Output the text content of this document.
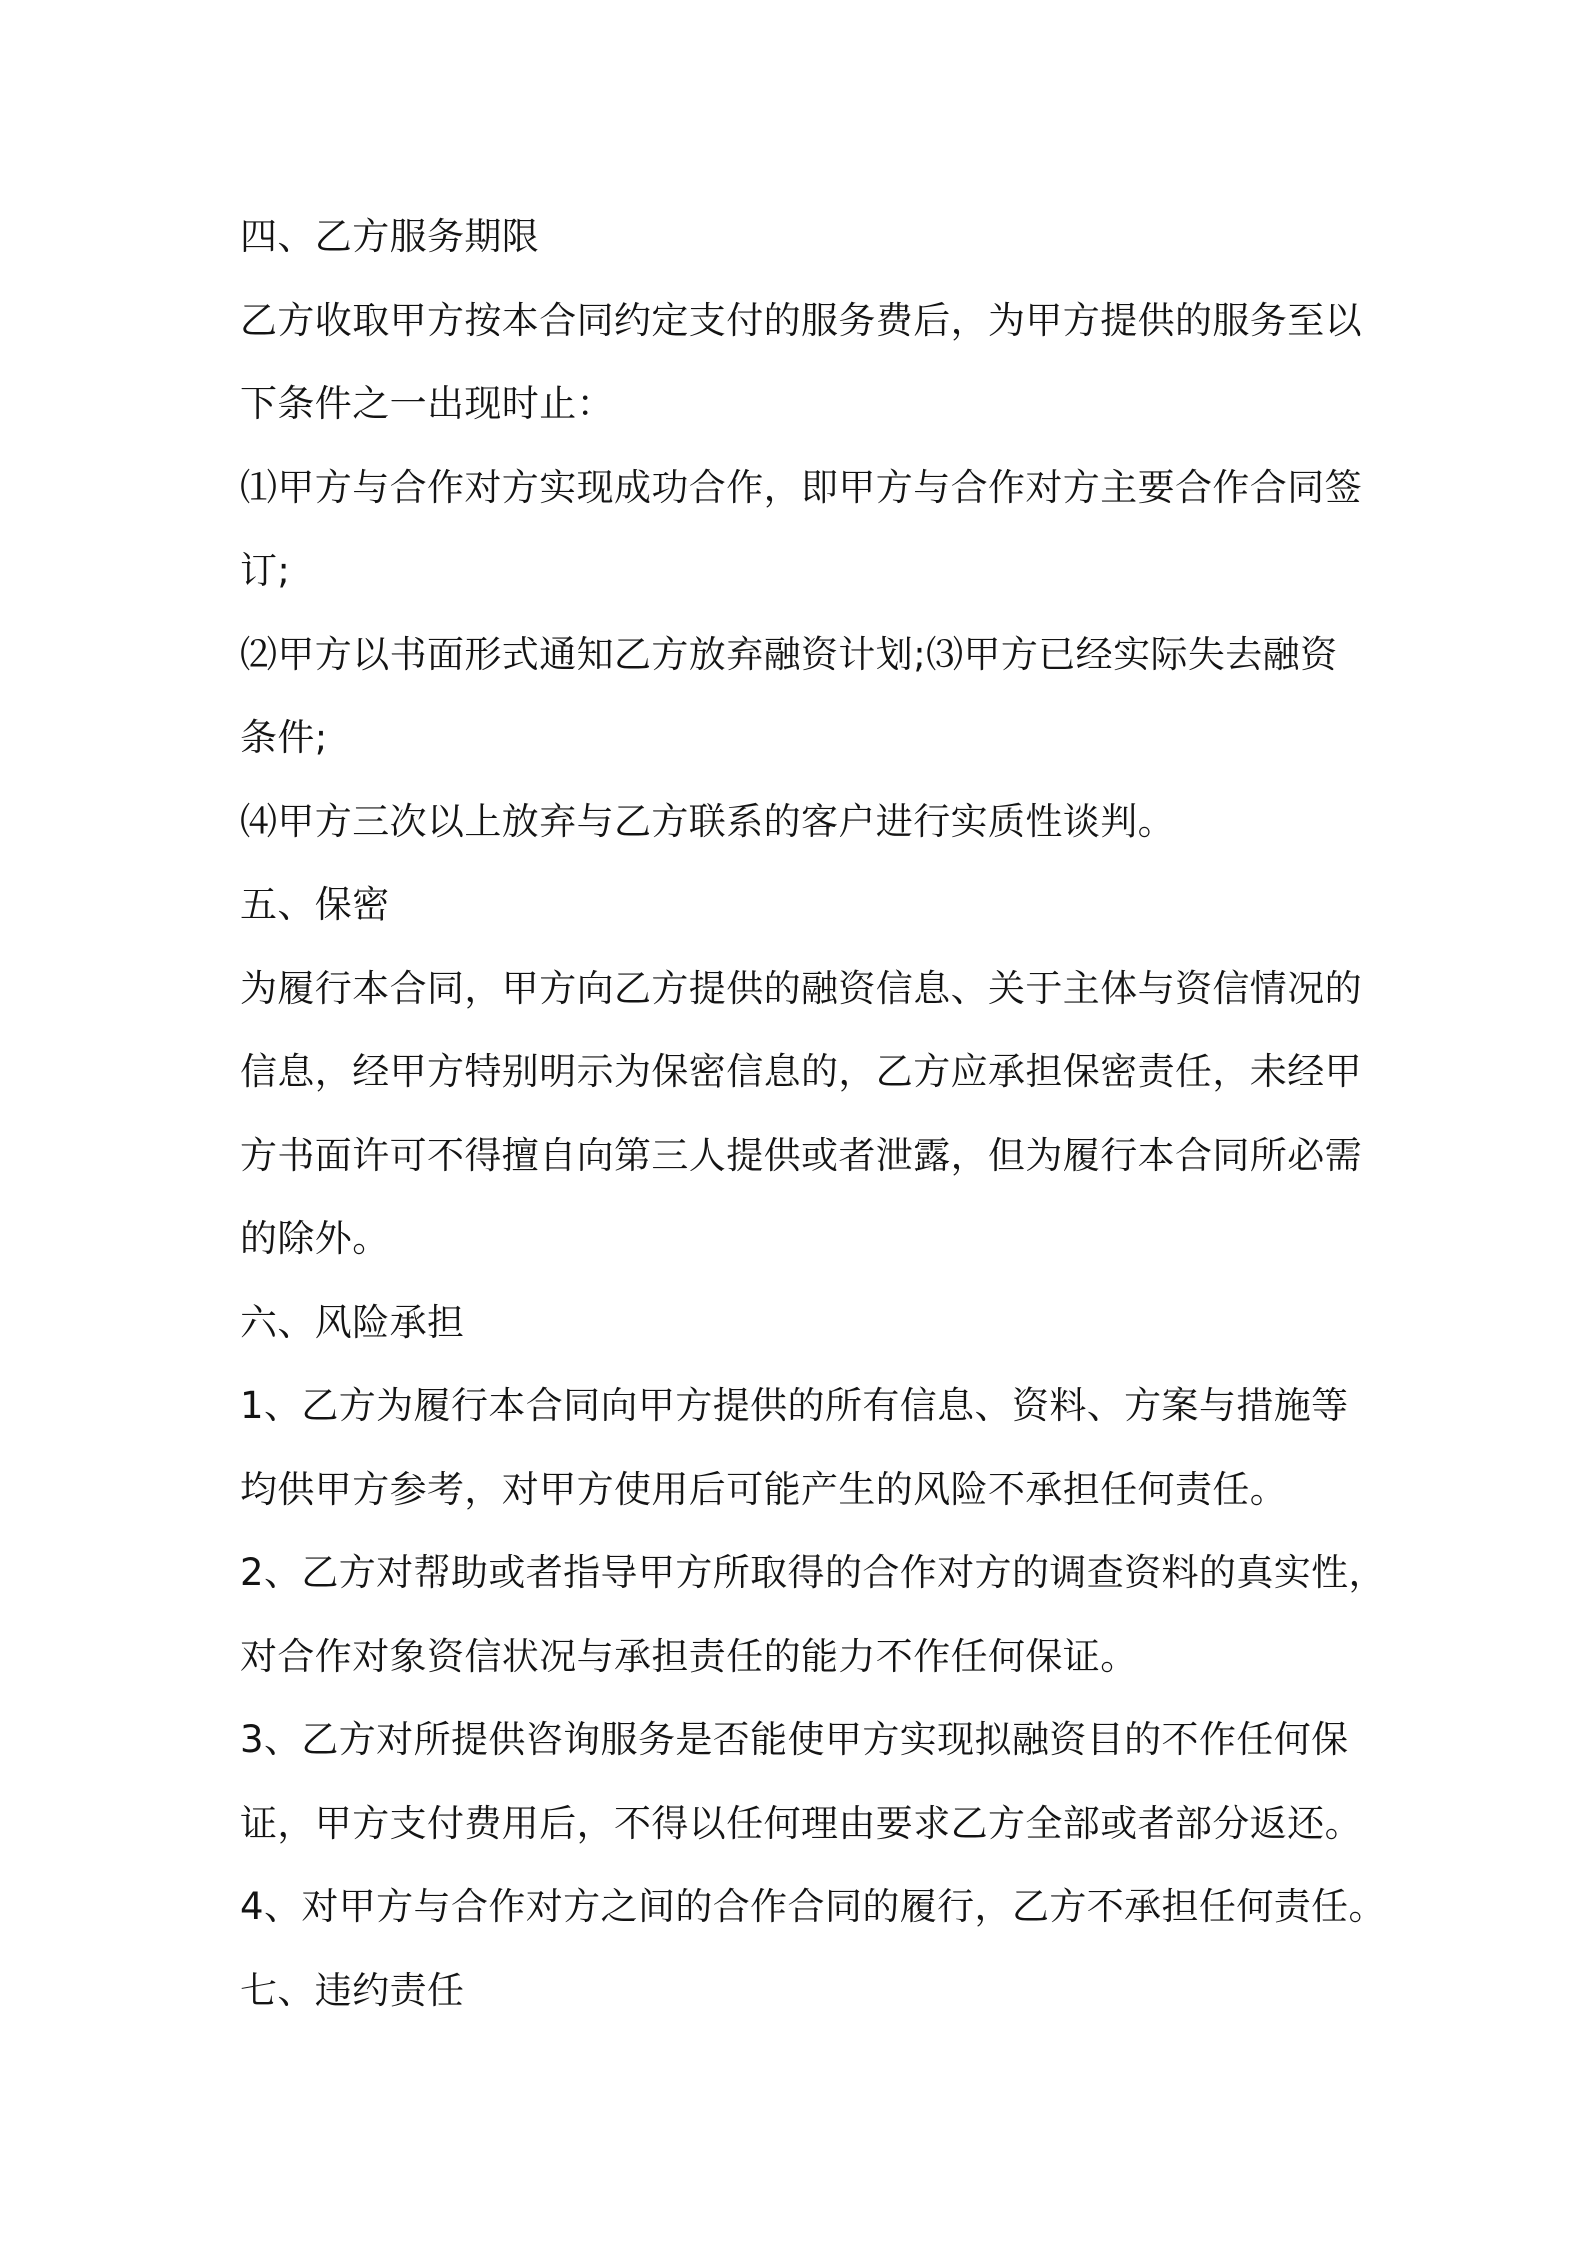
四、乙方服务期限
乙方收取甲方按本合同约定支付的服务费后，为甲方提供的服务至以
下条件之一出现时止：
⑴甲方与合作对方实现成功合作，即甲方与合作对方主要合作合同签
订;
⑵甲方以书面形式通知乙方放弃融资计划;⑶甲方已经实际失去融资
条件;
⑷甲方三次以上放弃与乙方联系的客户进行实质性谈判。
五、保密
为履行本合同，甲方向乙方提供的融资信息、关于主体与资信情况的
信息，经甲方特别明示为保密信息的，乙方应承担保密责任，未经甲
方书面许可不得擅自向第三人提供或者泄露，但为履行本合同所必需
的除外。
六、风险承担
1、乙方为履行本合同向甲方提供的所有信息、资料、方案与措施等
均供甲方参考，对甲方使用后可能产生的风险不承担任何责任。
2、乙方对帮助或者指导甲方所取得的合作对方的调查资料的真实性，
对合作对象资信状况与承担责任的能力不作任何保证。
3、乙方对所提供咨询服务是否能使甲方实现拟融资目的不作任何保
证，甲方支付费用后，不得以任何理由要求乙方全部或者部分返还。
4、对甲方与合作对方之间的合作合同的履行，乙方不承担任何责任。
七、违约责任
